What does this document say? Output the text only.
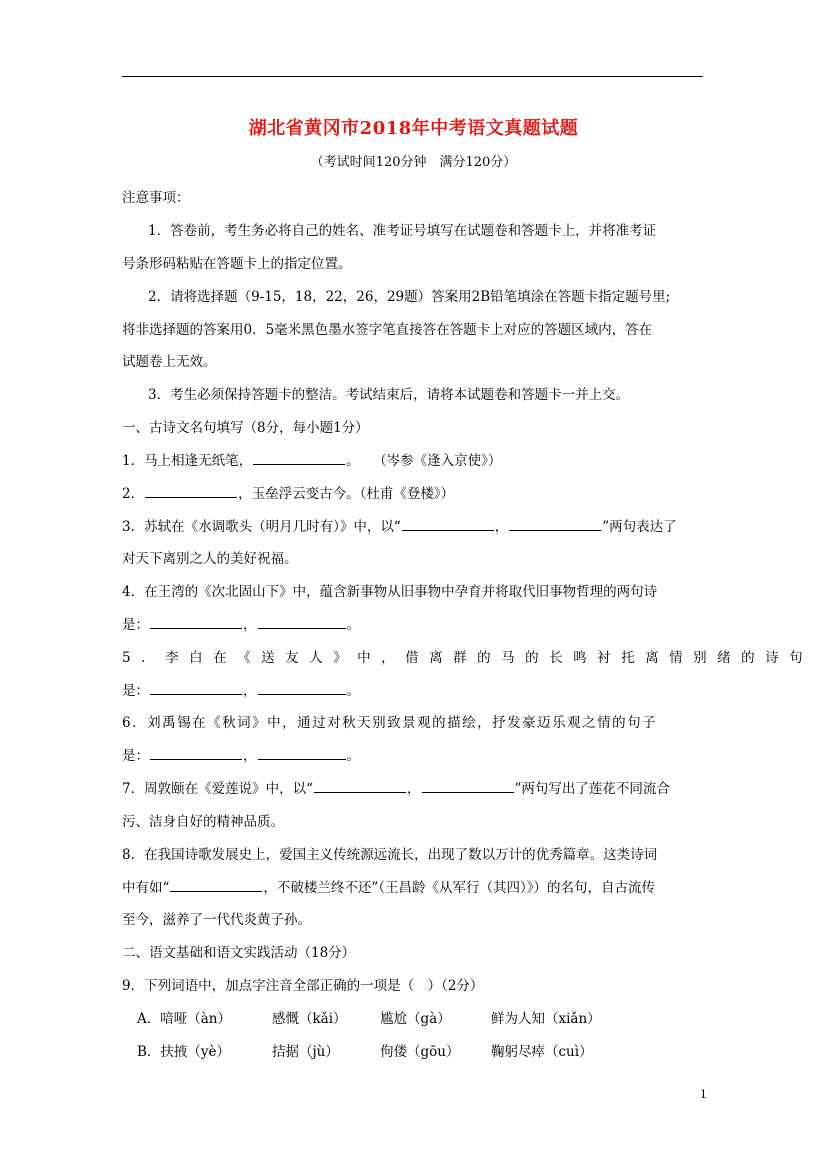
湖北省黄冈市2018年中考语文真题试题
（考试时间120分钟　满分120分）
注意事项：
1．答卷前，考生务必将自己的姓名、准考证号填写在试题卷和答题卡上，并将准考证
号条形码粘贴在答题卡上的指定位置。
2．请将选择题（9-15，18，22，26，29题）答案用2B铅笔填涂在答题卡指定题号里;
将非选择题的答案用0．5毫米黑色墨水签字笔直接答在答题卡上对应的答题区域内，答在
试题卷上无效。
3．考生必须保持答题卡的整洁。考试结束后，请将本试题卷和答题卡一并上交。
一、古诗文名句填写（8分，每小题1分）
1．马上相逢无纸笔，	。　　（岑参《逢入京使》）
2．	，玉垒浮云变古今。（杜甫《登楼》）
3．苏轼在《水调歌头（明月几时有）》中，以“	，	”两句表达了
对天下离别之人的美好祝福。
4．在王湾的《次北固山下》中，蕴含新事物从旧事物中孕育并将取代旧事物哲理的两句诗
是：	，	。
5．李白在《送友人》中，借离群的马的长鸣衬托离情别绪的诗句
是：	，	。
6．刘禹锡在《秋词》中，通过对秋天别致景观的描绘，抒发豪迈乐观之情的句子
是：	，	。
7．周敦颐在《爱莲说》中，以“	，	”两句写出了莲花不同流合
污、洁身自好的精神品质。
8．在我国诗歌发展史上，爱国主义传统源远流长，出现了数以万计的优秀篇章。这类诗词
中有如“	，不破楼兰终不还”（王昌龄《从军行（其四）》）的名句，自古流传
至今，滋养了一代代炎黄子孙。
二、语文基础和语文实践活动（18分）
9．下列词语中，加点字注音全部正确的一项是（　）（2分）
A．喑哑（àn）	感慨（kǎi） 尴尬（gà）	鲜为人知（xiǎn）
B．扶掖（yè）	拮据（jù）	佝偻（gōu） 鞠躬尽瘁（cuì）
1
